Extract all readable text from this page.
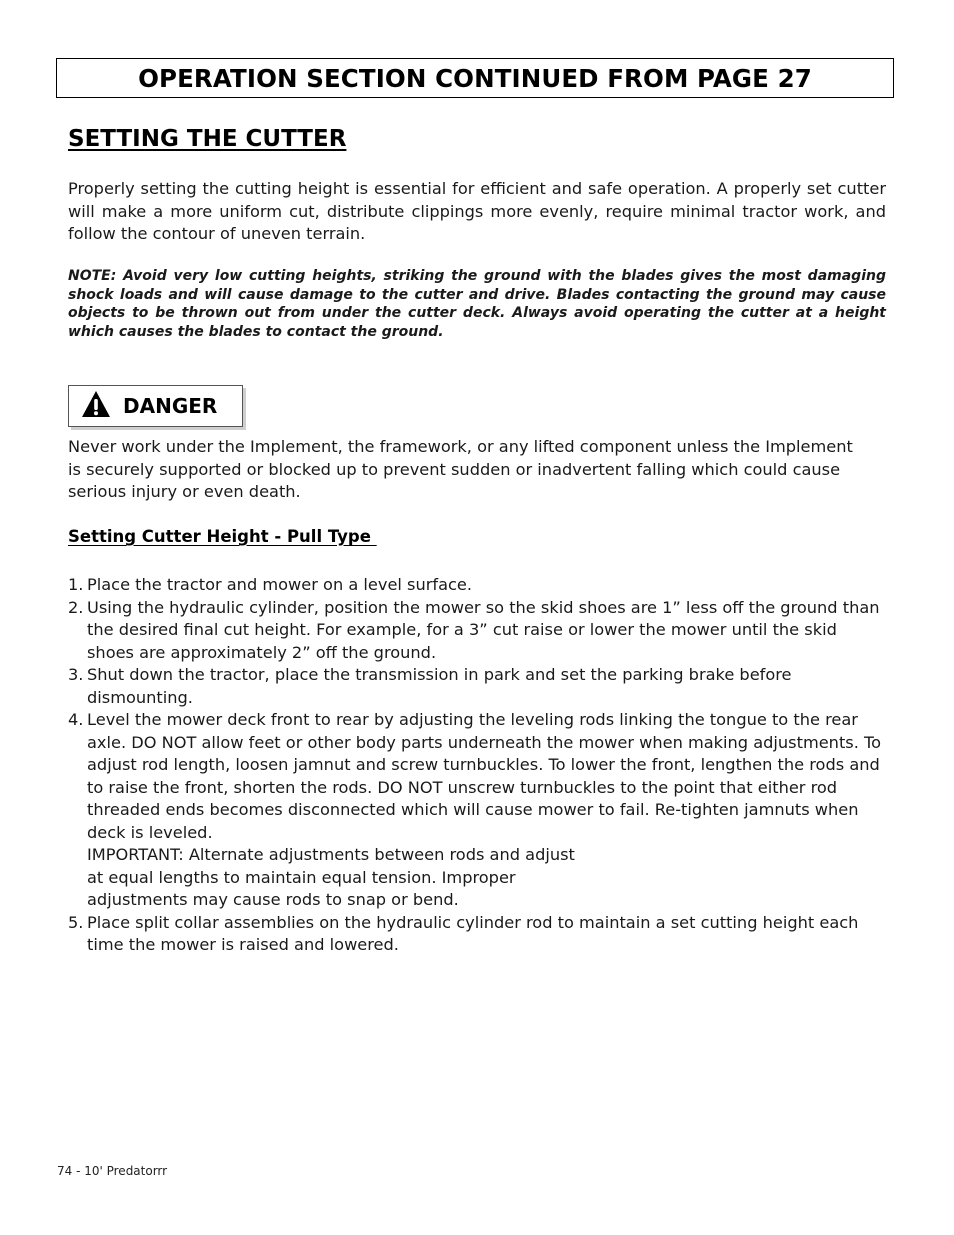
OPERATION SECTION CONTINUED FROM PAGE 27
SETTING THE CUTTER

Properly setting the cutting height is essential for efficient and safe operation. A properly set cutter will make a more uniform cut, distribute clippings more evenly, require minimal tractor work, and follow the contour of uneven terrain.

NOTE: Avoid very low cutting heights, striking the ground with the blades gives the most damaging shock loads and will cause damage to the cutter and drive. Blades contacting the ground may cause objects to be thrown out from under the cutter deck. Always avoid operating the cutter at a height which causes the blades to contact the ground.

DANGER

Never work under the Implement, the framework, or any lifted component unless the Implement is securely supported or blocked up to prevent sudden or inadvertent falling which could cause serious injury or even death.

Setting Cutter Height - Pull Type
1. Place the tractor and mower on a level surface.
2. Using the hydraulic cylinder, position the mower so the skid shoes are 1” less off the ground than the desired final cut height. For example, for a 3” cut raise or lower the mower until the skid shoes are approximately 2” off the ground.
3. Shut down the tractor, place the transmission in park and set the parking brake before dismounting.
4. Level the mower deck front to rear by adjusting the leveling rods linking the tongue to the rear axle. DO NOT allow feet or other body parts underneath the mower when making adjustments. To adjust rod length, loosen jamnut and screw turnbuckles. To lower the front, lengthen the rods and to raise the front, shorten the rods. DO NOT unscrew turnbuckles to the point that either rod threaded ends becomes disconnected which will cause mower to fail. Re-tighten jamnuts when deck is leveled.
IMPORTANT: Alternate adjustments between rods and adjust at equal lengths to maintain equal tension. Improper adjustments may cause rods to snap or bend.
5. Place split collar assemblies on the hydraulic cylinder rod to maintain a set cutting height each time the mower is raised and lowered.

74 - 10' Predatorrr
